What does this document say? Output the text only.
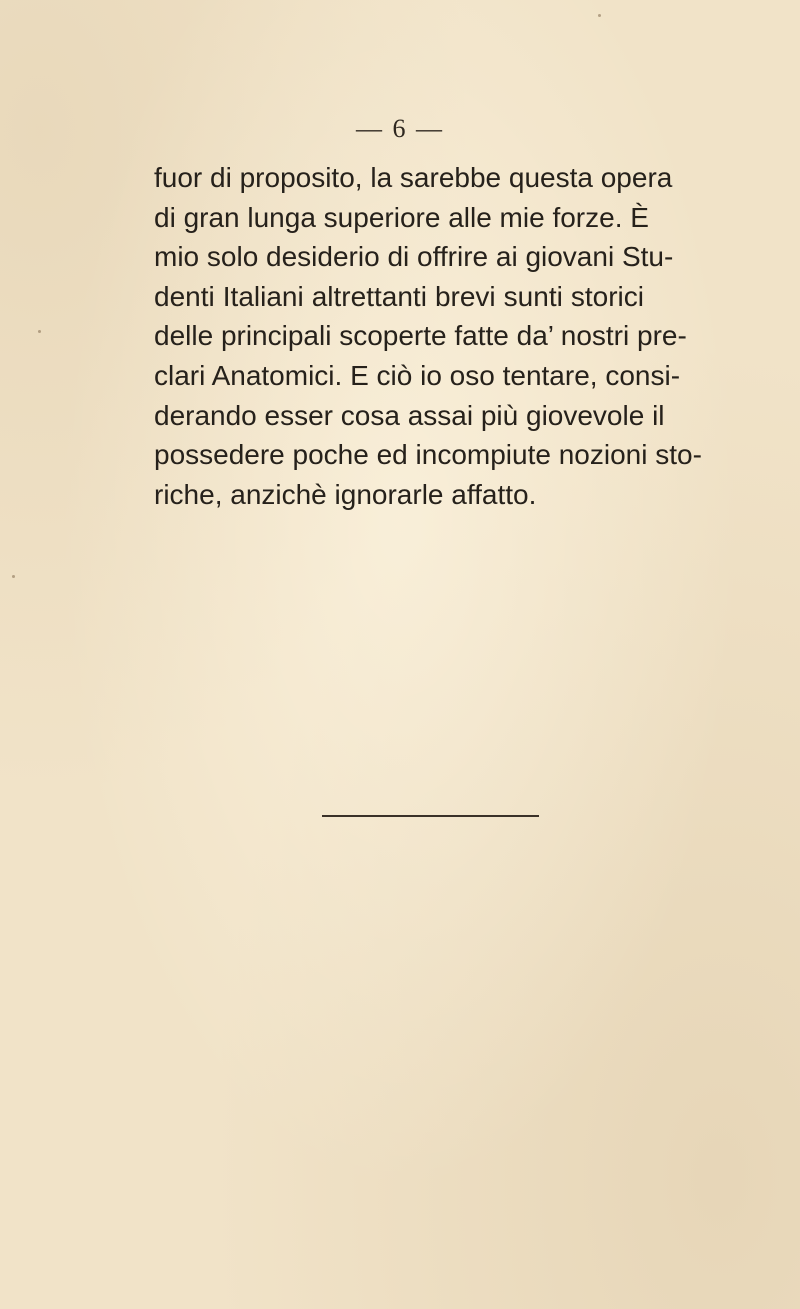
— 6 —
fuor di proposito, la sarebbe questa opera
di gran lunga superiore alle mie forze. È
mio solo desiderio di offrire ai giovani Stu-
denti Italiani altrettanti brevi sunti storici
delle principali scoperte fatte da’ nostri pre-
clari Anatomici. E ciò io oso tentare, consi-
derando esser cosa assai più giovevole il
possedere poche ed incompiute nozioni sto-
riche, anzichè ignorarle affatto.
